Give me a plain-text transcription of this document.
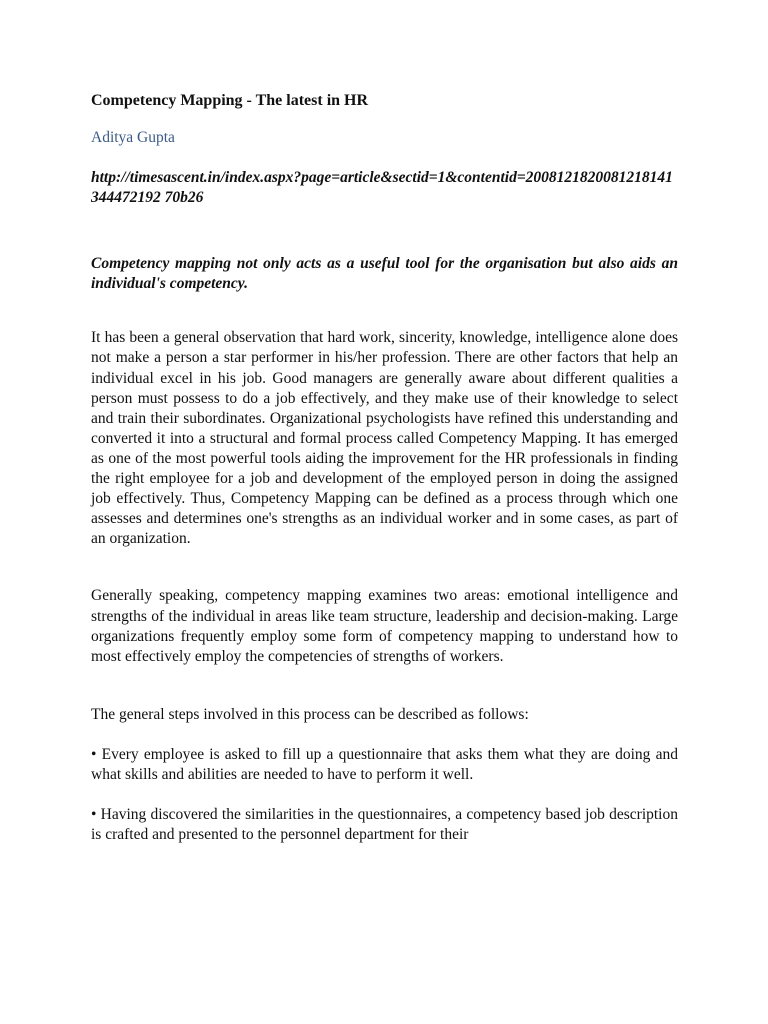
Competency Mapping - The latest in HR
Aditya Gupta
http://timesascent.in/index.aspx?page=article&sectid=1&contentid=2008121820081218141344472192 70b26
Competency mapping not only acts as a useful tool for the organisation but also aids an individual's competency.

It has been a general observation that hard work, sincerity, knowledge, intelligence alone does not make a person a star performer in his/her profession. There are other factors that help an individual excel in his job. Good managers are generally aware about different qualities a person must possess to do a job effectively, and they make use of their knowledge to select and train their subordinates. Organizational psychologists have refined this understanding and converted it into a structural and formal process called Competency Mapping. It has emerged as one of the most powerful tools aiding the improvement for the HR professionals in finding the right employee for a job and development of the employed person in doing the assigned job effectively. Thus, Competency Mapping can be defined as a process through which one assesses and determines one's strengths as an individual worker and in some cases, as part of an organization.

Generally speaking, competency mapping examines two areas: emotional intelligence and strengths of the individual in areas like team structure, leadership and decision-making. Large organizations frequently employ some form of competency mapping to understand how to most effectively employ the competencies of strengths of workers.

The general steps involved in this process can be described as follows:

• Every employee is asked to fill up a questionnaire that asks them what they are doing and what skills and abilities are needed to have to perform it well.

• Having discovered the similarities in the questionnaires, a competency based job description is crafted and presented to the personnel department for their
